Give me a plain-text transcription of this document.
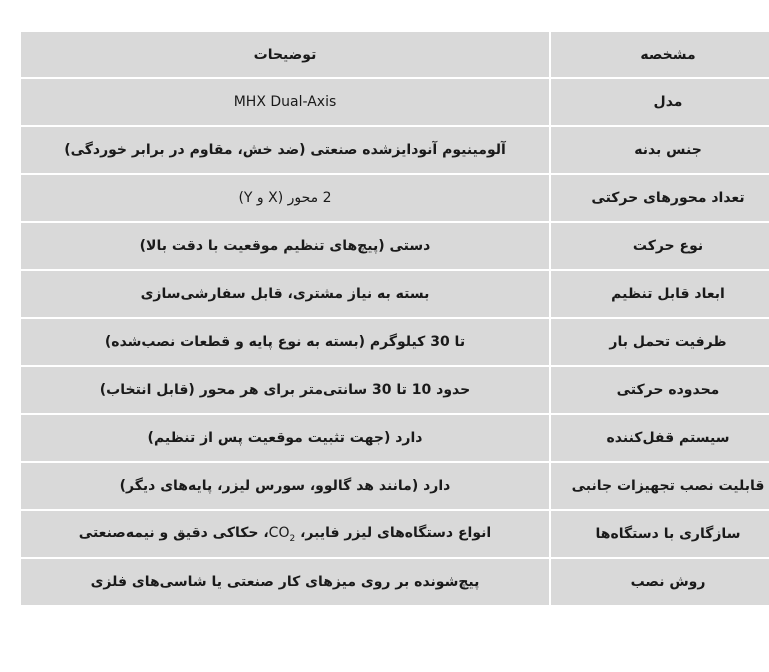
توضیحات	مشخصه
MHX Dual-Axis	مدل
آلومینیوم آنودایزشده صنعتی (ضد خش، مقاوم در برابر خوردگی)	جنس بدنه
2 محور (X و Y)	تعداد محورهای حرکتی
دستی (پیچ‌های تنظیم موقعیت با دقت بالا)	نوع حرکت
بسته به نیاز مشتری، قابل سفارشی‌سازی	ابعاد قابل تنظیم
تا 30 کیلوگرم (بسته به نوع پایه و قطعات نصب‌شده)	ظرفیت تحمل بار
حدود 10 تا 30 سانتی‌متر برای هر محور (قابل انتخاب)	محدوده حرکتی
دارد (جهت تثبیت موقعیت پس از تنظیم)	سیستم قفل‌کننده
دارد (مانند هد گالوو، سورس لیزر، پایه‌های دیگر)	قابلیت نصب تجهیزات جانبی
انواع دستگاه‌های لیزر فایبر، $CO_2،$ حکاکی دقیق و نیمه‌صنعتی	سازگاری با دستگاه‌ها
پیچ‌شونده بر روی میزهای کار صنعتی یا شاسی‌های فلزی	روش نصب
